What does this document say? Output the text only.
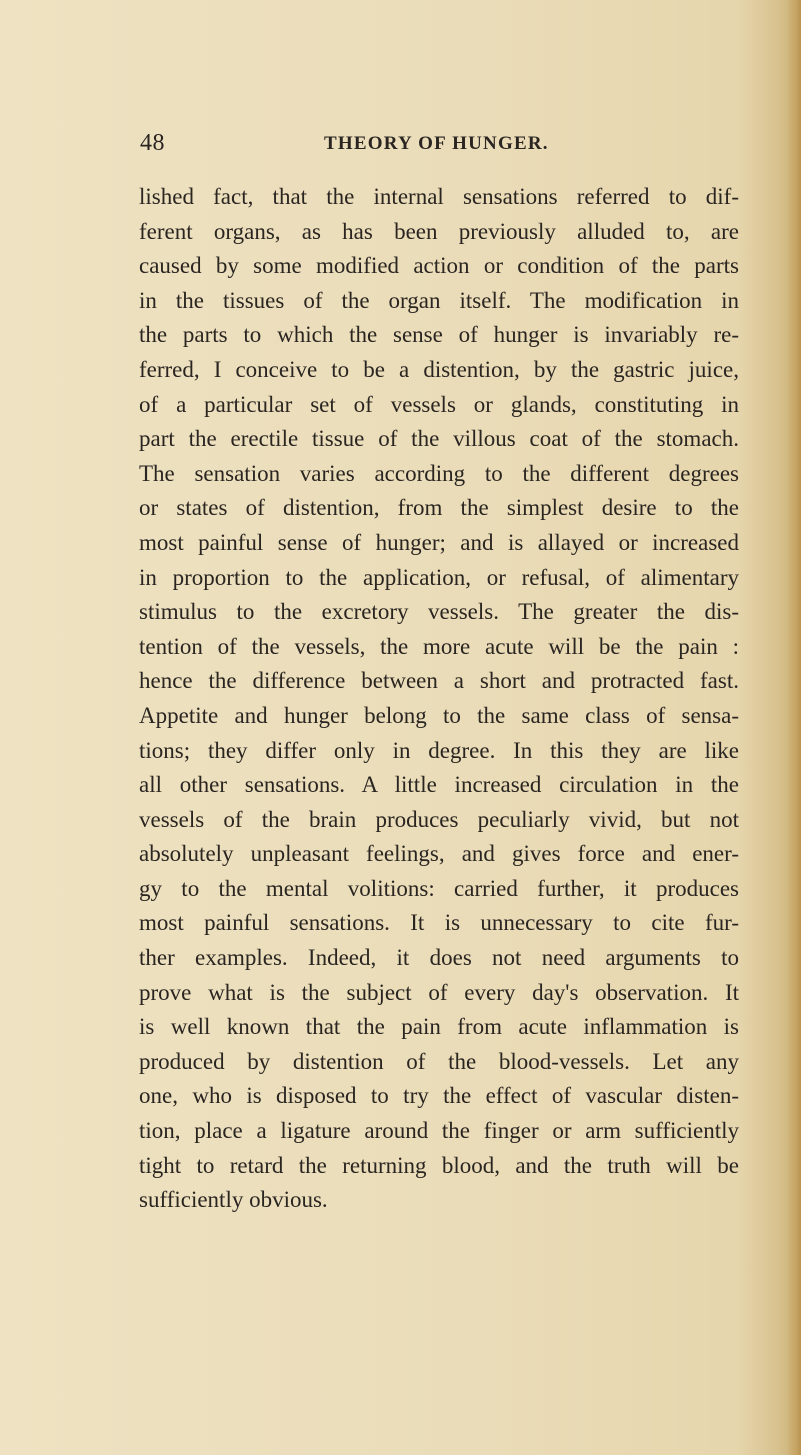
48	THEORY OF HUNGER.
lished fact, that the internal sensations referred to dif-
ferent organs, as has been previously alluded to, are
caused by some modified action or condition of the parts
in the tissues of the organ itself. The modification in
the parts to which the sense of hunger is invariably re-
ferred, I conceive to be a distention, by the gastric juice,
of a particular set of vessels or glands, constituting in
part the erectile tissue of the villous coat of the stomach.
The sensation varies according to the different degrees
or states of distention, from the simplest desire to the
most painful sense of hunger; and is allayed or increased
in proportion to the application, or refusal, of alimentary
stimulus to the excretory vessels. The greater the dis-
tention of the vessels, the more acute will be the pain :
hence the difference between a short and protracted fast.
Appetite and hunger belong to the same class of sensa-
tions; they differ only in degree. In this they are like
all other sensations. A little increased circulation in the
vessels of the brain produces peculiarly vivid, but not
absolutely unpleasant feelings, and gives force and ener-
gy to the mental volitions: carried further, it produces
most painful sensations. It is unnecessary to cite fur-
ther examples. Indeed, it does not need arguments to
prove what is the subject of every day's observation. It
is well known that the pain from acute inflammation is
produced by distention of the blood-vessels. Let any
one, who is disposed to try the effect of vascular disten-
tion, place a ligature around the finger or arm sufficiently
tight to retard the returning blood, and the truth will be
sufficiently obvious.
